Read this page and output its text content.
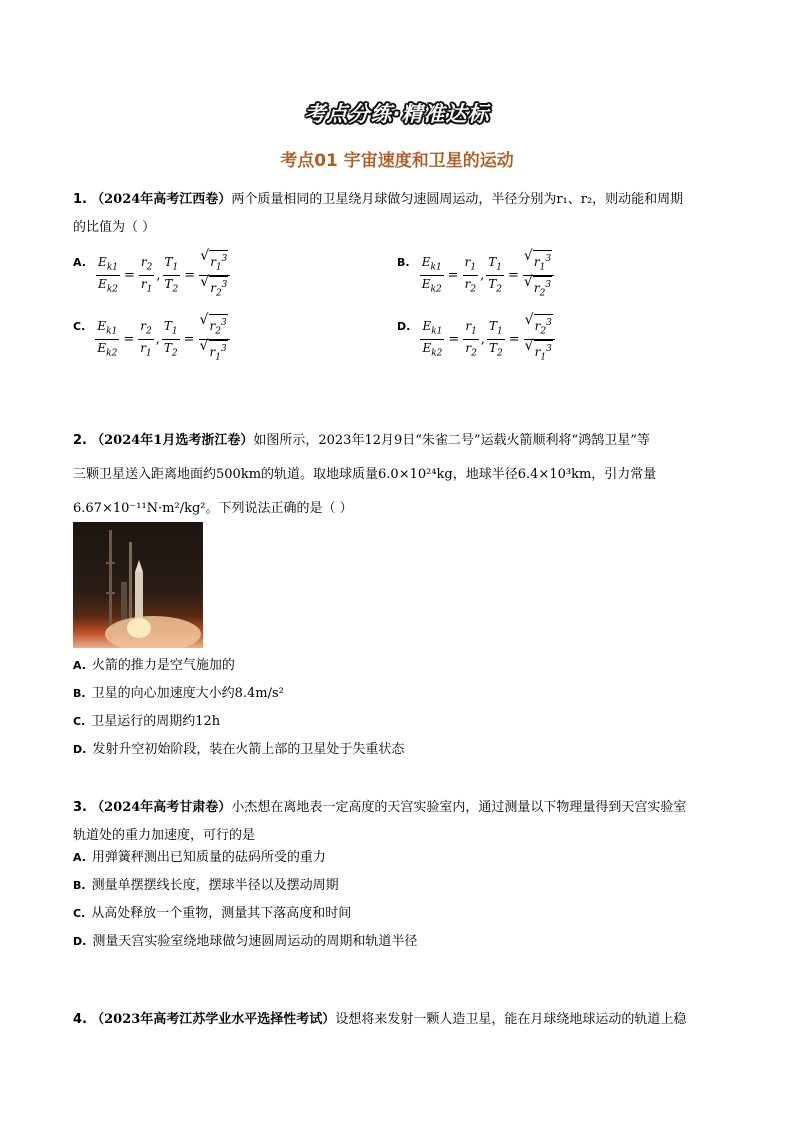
考点分练·精准达标
考点01 宇宙速度和卫星的运动
1. （2024年高考江西卷）两个质量相同的卫星绕月球做匀速圆周运动，半径分别为r₁、r₂，则动能和周期
的比值为（ ）
A. $\frac{E_{k1}}{E_{k2}} = \frac{r_2}{r_1}$ , $\frac{T_1}{T_2}$ = √ $r_1^3$
√ $r_2^3$	B. $\frac{E_{k1}}{E_{k2}} = \frac{r_1}{r_2}$ , $\frac{T_1}{T_2}$ = √ $r_1^3$
√ $r_2^3$
C. $\frac{E_{k1}}{E_{k2}} = \frac{r_2}{r_1}$ , $\frac{T_1}{T_2}$ = √ $r_2^3$
√ $r_1^3$	D. $\frac{E_{k1}}{E_{k2}} = \frac{r_1}{r_2}$ , $\frac{T_1}{T_2}$ = √ $r_2^3$
√ $r_1^3$
2. （2024年1月选考浙江卷）如图所示，2023年12月9日“朱雀二号”运载火箭顺利将“鸿鹄卫星”等
三颗卫星送入距离地面约500km的轨道。取地球质量6.0×10²⁴kg，地球半径6.4×10³km，引力常量
6.67×10⁻¹¹N·m²/kg²。下列说法正确的是（ ）
A. 火箭的推力是空气施加的
B. 卫星的向心加速度大小约8.4m/s²
C. 卫星运行的周期约12h
D. 发射升空初始阶段，装在火箭上部的卫星处于失重状态
3. （2024年高考甘肃卷）小杰想在离地表一定高度的天宫实验室内，通过测量以下物理量得到天宫实验室
轨道处的重力加速度，可行的是
A. 用弹簧秤测出已知质量的砝码所受的重力
B. 测量单摆摆线长度，摆球半径以及摆动周期
C. 从高处释放一个重物，测量其下落高度和时间
D. 测量天宫实验室绕地球做匀速圆周运动的周期和轨道半径
4. （2023年高考江苏学业水平选择性考试）设想将来发射一颗人造卫星，能在月球绕地球运动的轨道上稳
